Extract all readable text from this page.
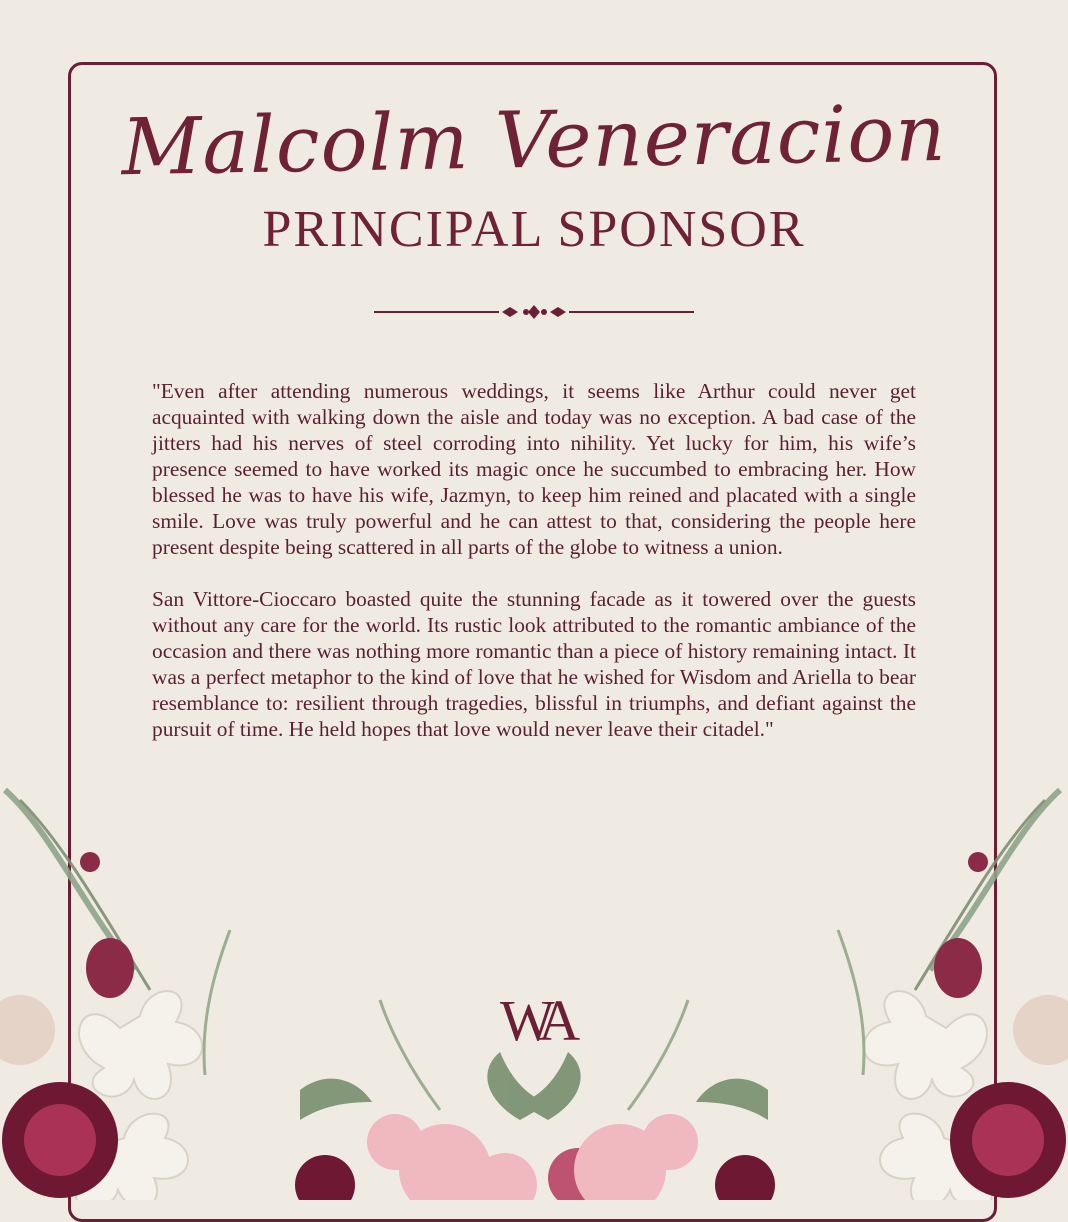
Malcolm Veneracion
PRINCIPAL SPONSOR

"Even after attending numerous weddings, it seems like Arthur could never get acquainted with walking down the aisle and today was no exception. A bad case of the jitters had his nerves of steel corroding into nihility. Yet lucky for him, his wife’s presence seemed to have worked its magic once he succumbed to embracing her. How blessed he was to have his wife, Jazmyn, to keep him reined and placated with a single smile. Love was truly powerful and he can attest to that, considering the people here present despite being scattered in all parts of the globe to witness a union.

San Vittore-Cioccaro boasted quite the stunning facade as it towered over the guests without any care for the world. Its rustic look attributed to the romantic ambiance of the occasion and there was nothing more romantic than a piece of history remaining intact. It was a perfect metaphor to the kind of love that he wished for Wisdom and Ariella to bear resemblance to: resilient through tragedies, blissful in triumphs, and defiant against the pursuit of time. He held hopes that love would never leave their citadel."

WA
